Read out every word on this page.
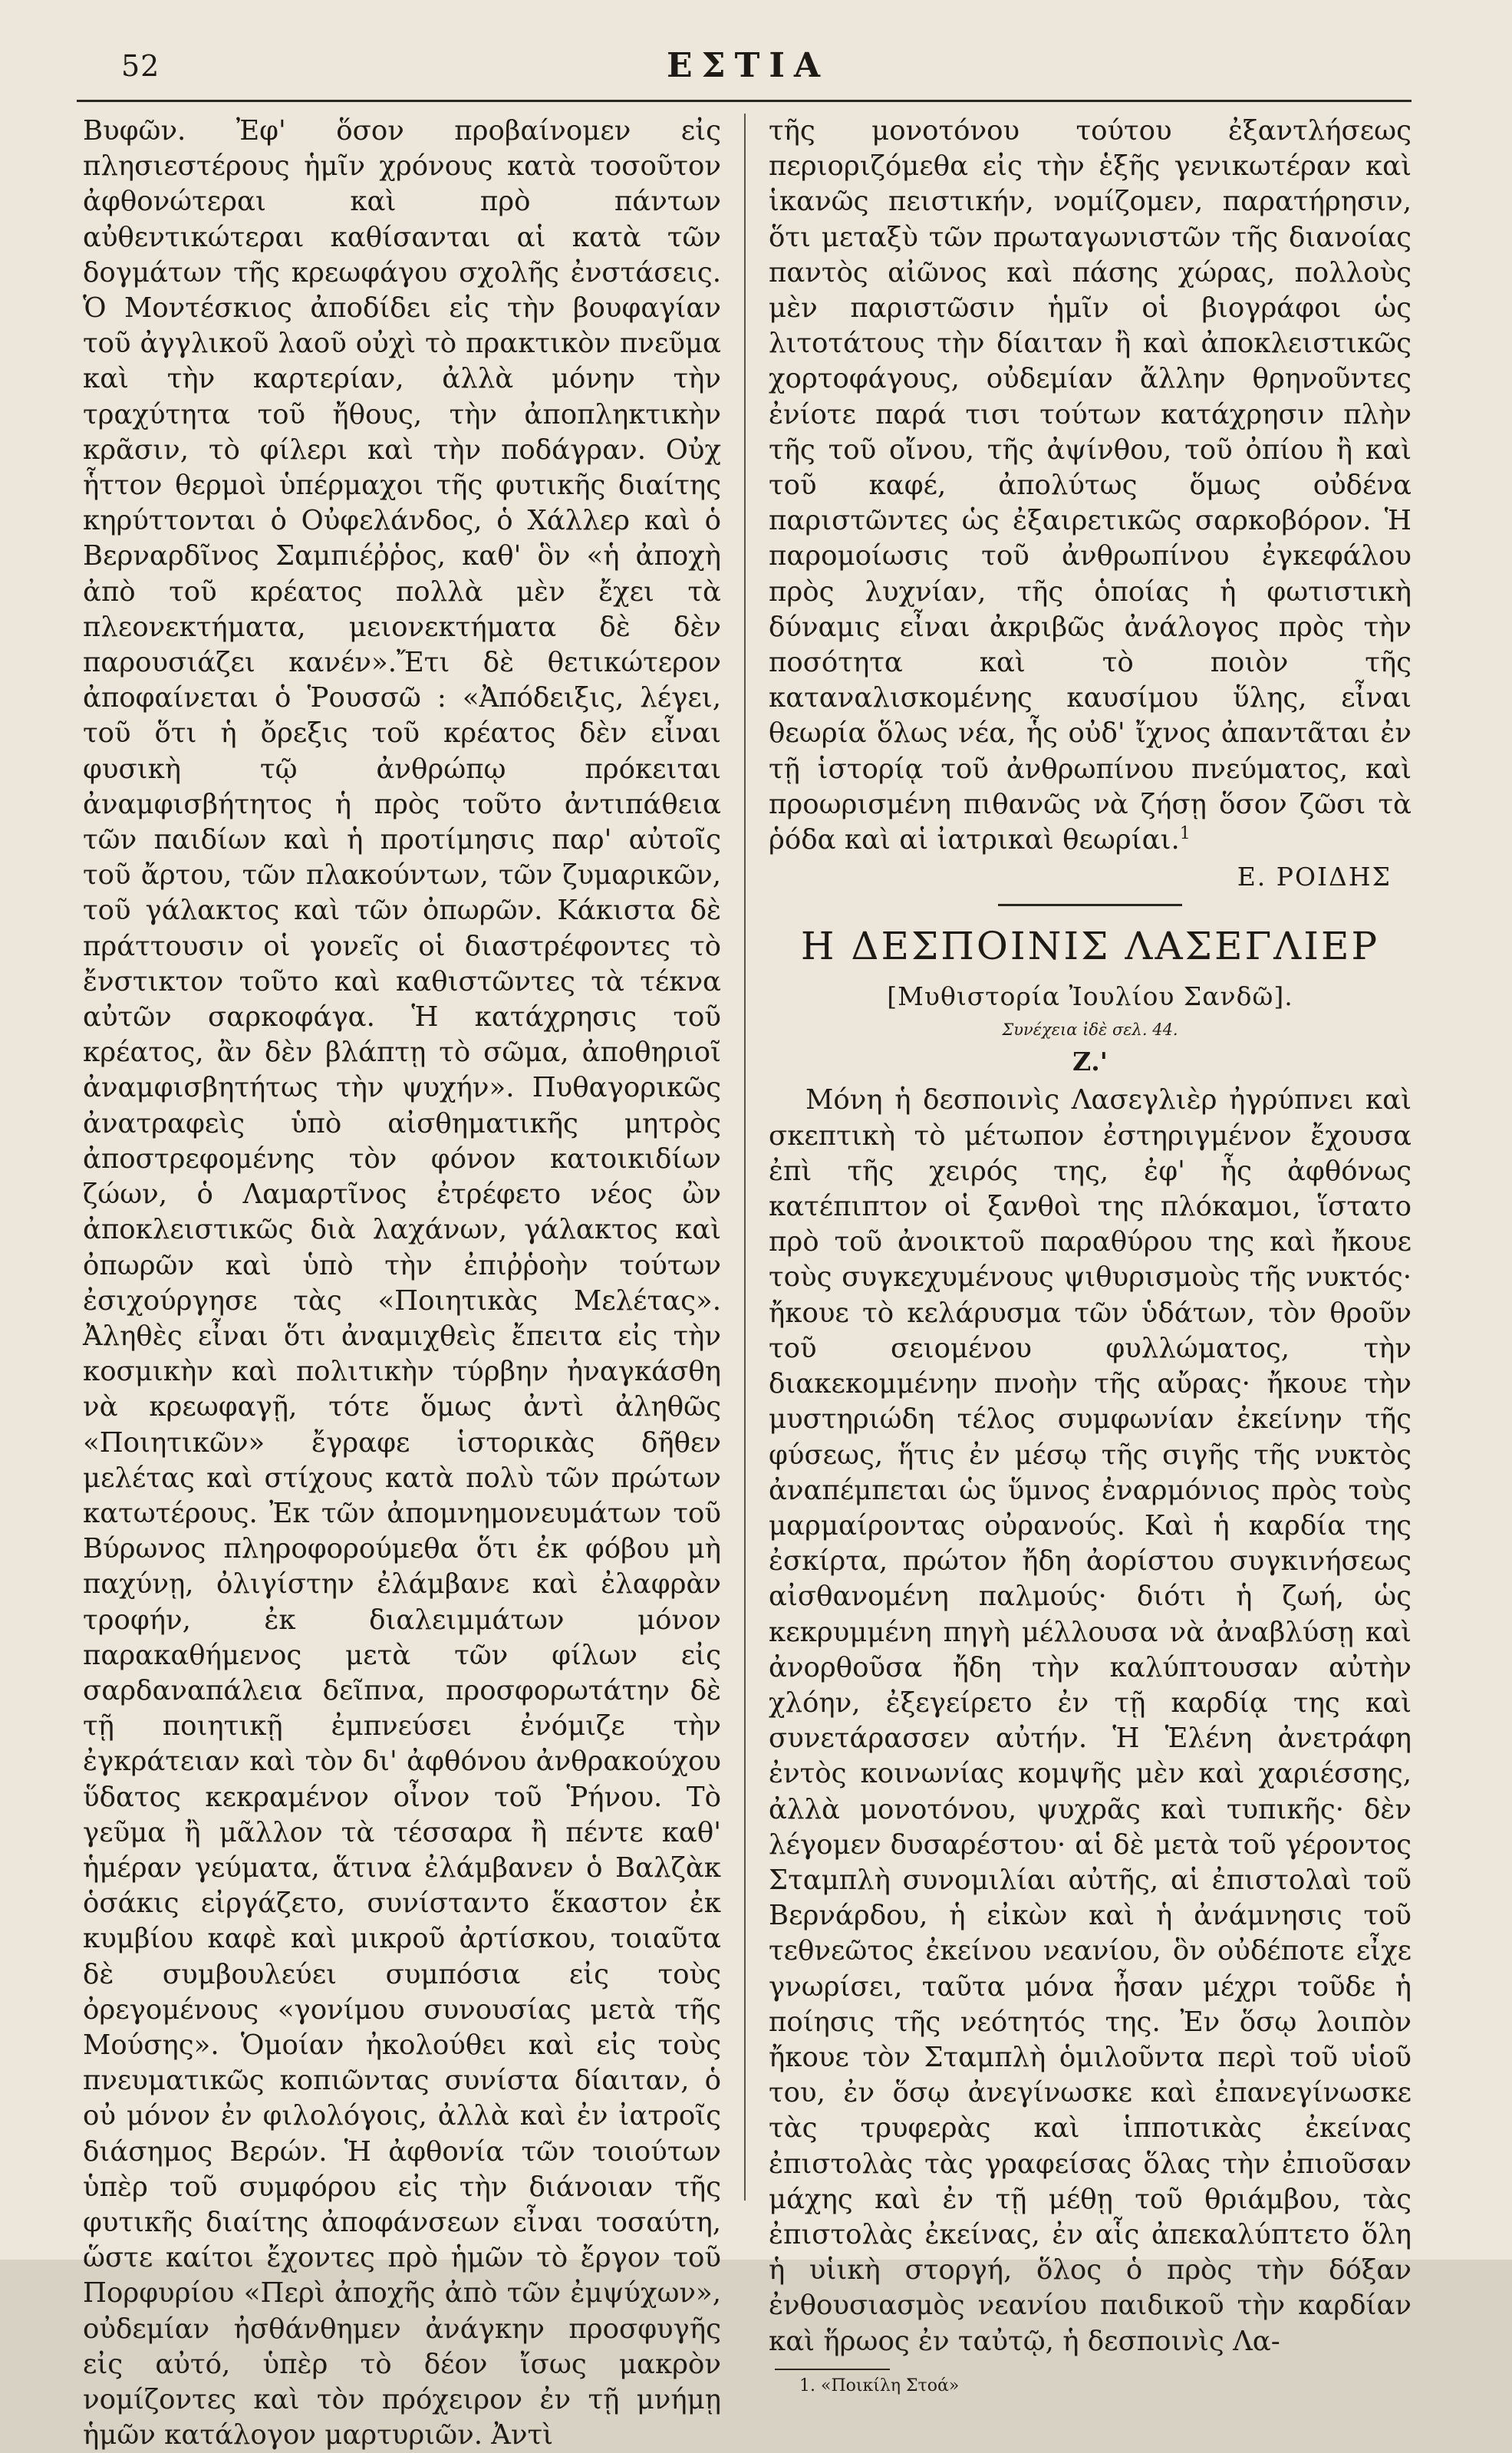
52	ΕΣΤΙΑ

Βυφῶν. Ἐφ' ὅσον προβαίνομεν εἰς πλησιεστέρους ἡμῖν χρόνους κατὰ τοσοῦτον ἀφθονώτεραι καὶ πρὸ πάντων αὐθεντικώτεραι καθίσανται αἱ κατὰ τῶν δογμάτων τῆς κρεωφάγου σχολῆς ἐνστάσεις. Ὁ Μοντέσκιος ἀποδίδει εἰς τὴν βουφαγίαν τοῦ ἀγγλικοῦ λαοῦ οὐχὶ τὸ πρακτικὸν πνεῦμα καὶ τὴν καρτερίαν, ἀλλὰ μόνην τὴν τραχύτητα τοῦ ἤθους, τὴν ἀποπληκτικὴν κρᾶσιν, τὸ φίλερι καὶ τὴν ποδάγραν. Οὐχ ἧττον θερμοὶ ὑπέρμαχοι τῆς φυτικῆς διαίτης κηρύττονται ὁ Οὐφελάνδος, ὁ Χάλλερ καὶ ὁ Βερναρδῖνος Σαμπιέῤῥος, καθ' ὃν «ἡ ἀποχὴ ἀπὸ τοῦ κρέατος πολλὰ μὲν ἔχει τὰ πλεονεκτήματα, μειονεκτήματα δὲ δὲν παρουσιάζει κανέν».Ἔτι δὲ θετικώτερον ἀποφαίνεται ὁ Ῥουσσῶ : «Ἀπόδειξις, λέγει, τοῦ ὅτι ἡ ὄρεξις τοῦ κρέατος δὲν εἶναι φυσικὴ τῷ ἀνθρώπῳ πρόκειται ἀναμφισβήτητος ἡ πρὸς τοῦτο ἀντιπάθεια τῶν παιδίων καὶ ἡ προτίμησις παρ' αὐτοῖς τοῦ ἄρτου, τῶν πλακούντων, τῶν ζυμαρικῶν, τοῦ γάλακτος καὶ τῶν ὀπωρῶν. Κάκιστα δὲ πράττουσιν οἱ γονεῖς οἱ διαστρέφοντες τὸ ἔνστικτον τοῦτο καὶ καθιστῶντες τὰ τέκνα αὐτῶν σαρκοφάγα. Ἡ κατάχρησις τοῦ κρέατος, ἂν δὲν βλάπτῃ τὸ σῶμα, ἀποθηριοῖ ἀναμφισβητήτως τὴν ψυχήν». Πυθαγορικῶς ἀνατραφεὶς ὑπὸ αἰσθηματικῆς μητρὸς ἀποστρεφομένης τὸν φόνον κατοικιδίων ζώων, ὁ Λαμαρτῖνος ἐτρέφετο νέος ὢν ἀποκλειστικῶς διὰ λαχάνων, γάλακτος καὶ ὀπωρῶν καὶ ὑπὸ τὴν ἐπιῤῥοὴν τούτων ἐσιχούργησε τὰς «Ποιητικὰς Μελέτας». Ἀληθὲς εἶναι ὅτι ἀναμιχθεὶς ἔπειτα εἰς τὴν κοσμικὴν καὶ πολιτικὴν τύρβην ἠναγκάσθη νὰ κρεωφαγῇ, τότε ὅμως ἀντὶ ἀληθῶς «Ποιητικῶν» ἔγραφε ἱστορικὰς δῆθεν μελέτας καὶ στίχους κατὰ πολὺ τῶν πρώτων κατωτέρους. Ἐκ τῶν ἀπομνημονευμάτων τοῦ Βύρωνος πληροφορούμεθα ὅτι ἐκ φόβου μὴ παχύνῃ, ὀλιγίστην ἐλάμβανε καὶ ἐλαφρὰν τροφήν, ἐκ διαλειμμάτων μόνον παρακαθήμενος μετὰ τῶν φίλων εἰς σαρδαναπάλεια δεῖπνα, προσφορωτάτην δὲ τῇ ποιητικῇ ἐμπνεύσει ἐνόμιζε τὴν ἐγκράτειαν καὶ τὸν δι' ἀφθόνου ἀνθρακούχου ὕδατος κεκραμένον οἶνον τοῦ Ῥήνου. Τὸ γεῦμα ἢ μᾶλλον τὰ τέσσαρα ἢ πέντε καθ' ἡμέραν γεύματα, ἅτινα ἐλάμβανεν ὁ Βαλζὰκ ὁσάκις εἰργάζετο, συνίσταντο ἕκαστον ἐκ κυμβίου καφὲ καὶ μικροῦ ἀρτίσκου, τοιαῦτα δὲ συμβουλεύει συμπόσια εἰς τοὺς ὀρεγομένους «γονίμου συνουσίας μετὰ τῆς Μούσης». Ὁμοίαν ἠκολούθει καὶ εἰς τοὺς πνευματικῶς κοπιῶντας συνίστα δίαιταν, ὁ οὐ μόνον ἐν φιλολόγοις, ἀλλὰ καὶ ἐν ἰατροῖς διάσημος Βερών. Ἡ ἀφθονία τῶν τοιούτων ὑπὲρ τοῦ συμφόρου εἰς τὴν διάνοιαν τῆς φυτικῆς διαίτης ἀποφάνσεων εἶναι τοσαύτη, ὥστε καίτοι ἔχοντες πρὸ ἡμῶν τὸ ἔργον τοῦ Πορφυρίου «Περὶ ἀποχῆς ἀπὸ τῶν ἐμψύχων», οὐδεμίαν ἠσθάνθημεν ἀνάγκην προσφυγῆς εἰς αὐτό, ὑπὲρ τὸ δέον ἴσως μακρὸν νομίζοντες καὶ τὸν πρόχειρον ἐν τῇ μνήμῃ ἡμῶν κατάλογον μαρτυριῶν. Ἀντὶ

τῆς μονοτόνου τούτου ἐξαντλήσεως περιοριζόμεθα εἰς τὴν ἑξῆς γενικωτέραν καὶ ἱκανῶς πειστικήν, νομίζομεν, παρατήρησιν, ὅτι μεταξὺ τῶν πρωταγωνιστῶν τῆς διανοίας παντὸς αἰῶνος καὶ πάσης χώρας, πολλοὺς μὲν παριστῶσιν ἡμῖν οἱ βιογράφοι ὡς λιτοτάτους τὴν δίαιταν ἢ καὶ ἀποκλειστικῶς χορτοφάγους, οὐδεμίαν ἄλλην θρηνοῦντες ἐνίοτε παρά τισι τούτων κατάχρησιν πλὴν τῆς τοῦ οἴνου, τῆς ἀψίνθου, τοῦ ὀπίου ἢ καὶ τοῦ καφέ, ἀπολύτως ὅμως οὐδένα παριστῶντες ὡς ἐξαιρετικῶς σαρκοβόρον. Ἡ παρομοίωσις τοῦ ἀνθρωπίνου ἐγκεφάλου πρὸς λυχνίαν, τῆς ὁποίας ἡ φωτιστικὴ δύναμις εἶναι ἀκριβῶς ἀνάλογος πρὸς τὴν ποσότητα καὶ τὸ ποιὸν τῆς καταναλισκομένης καυσίμου ὕλης, εἶναι θεωρία ὅλως νέα, ἧς οὐδ' ἴχνος ἀπαντᾶται ἐν τῇ ἱστορίᾳ τοῦ ἀνθρωπίνου πνεύματος, καὶ προωρισμένη πιθανῶς νὰ ζήσῃ ὅσον ζῶσι τὰ ῥόδα καὶ αἱ ἰατρικαὶ θεωρίαι.$^1$

Ε. ΡΟΙΔΗΣ
Η ΔΕΣΠΟΙΝΙΣ ΛΑΣΕΓΛΙΕΡ

[Μυθιστορία Ἰουλίου Σανδῶ].

Συνέχεια ἰδὲ σελ. 44.

Ζ.'

Μόνη ἡ δεσποινὶς Λασεγλιὲρ ἠγρύπνει καὶ σκεπτικὴ τὸ μέτωπον ἐστηριγμένον ἔχουσα ἐπὶ τῆς χειρός της, ἐφ' ἧς ἀφθόνως κατέπιπτον οἱ ξανθοὶ της πλόκαμοι, ἵστατο πρὸ τοῦ ἀνοικτοῦ παραθύρου της καὶ ἤκουε τοὺς συγκεχυμένους ψιθυρισμοὺς τῆς νυκτός· ἤκουε τὸ κελάρυσμα τῶν ὑδάτων, τὸν θροῦν τοῦ σειομένου φυλλώματος, τὴν διακεκομμένην πνοὴν τῆς αὔρας· ἤκουε τὴν μυστηριώδη τέλος συμφωνίαν ἐκείνην τῆς φύσεως, ἥτις ἐν μέσῳ τῆς σιγῆς τῆς νυκτὸς ἀναπέμπεται ὡς ὕμνος ἐναρμόνιος πρὸς τοὺς μαρμαίροντας οὐρανούς. Καὶ ἡ καρδία της ἐσκίρτα, πρώτον ἤδη ἀορίστου συγκινήσεως αἰσθανομένη παλμούς· διότι ἡ ζωή, ὡς κεκρυμμένη πηγὴ μέλλουσα νὰ ἀναβλύσῃ καὶ ἀνορθοῦσα ἤδη τὴν καλύπτουσαν αὐτὴν χλόην, ἐξεγείρετο ἐν τῇ καρδίᾳ της καὶ συνετάρασσεν αὐτήν. Ἡ Ἑλένη ἀνετράφη ἐντὸς κοινωνίας κομψῆς μὲν καὶ χαριέσσης, ἀλλὰ μονοτόνου, ψυχρᾶς καὶ τυπικῆς· δὲν λέγομεν δυσαρέστου· αἱ δὲ μετὰ τοῦ γέροντος Σταμπλὴ συνομιλίαι αὐτῆς, αἱ ἐπιστολαὶ τοῦ Βερνάρδου, ἡ εἰκὼν καὶ ἡ ἀνάμνησις τοῦ τεθνεῶτος ἐκείνου νεανίου, ὃν οὐδέποτε εἶχε γνωρίσει, ταῦτα μόνα ἦσαν μέχρι τοῦδε ἡ ποίησις τῆς νεότητός της. Ἐν ὅσῳ λοιπὸν ἤκουε τὸν Σταμπλὴ ὁμιλοῦντα περὶ τοῦ υἱοῦ του, ἐν ὅσῳ ἀνεγίνωσκε καὶ ἐπανεγίνωσκε τὰς τρυφερὰς καὶ ἱπποτικὰς ἐκείνας ἐπιστολὰς τὰς γραφείσας ὅλας τὴν ἐπιοῦσαν μάχης καὶ ἐν τῇ μέθῃ τοῦ θριάμβου, τὰς ἐπιστολὰς ἐκείνας, ἐν αἷς ἀπεκαλύπτετο ὅλη ἡ υἱικὴ στοργή, ὅλος ὁ πρὸς τὴν δόξαν ἐνθουσιασμὸς νεανίου παιδικοῦ τὴν καρδίαν καὶ ἥρωος ἐν ταὐτῷ, ἡ δεσποινὶς Λα-

1. «Ποικίλη Στοά»
